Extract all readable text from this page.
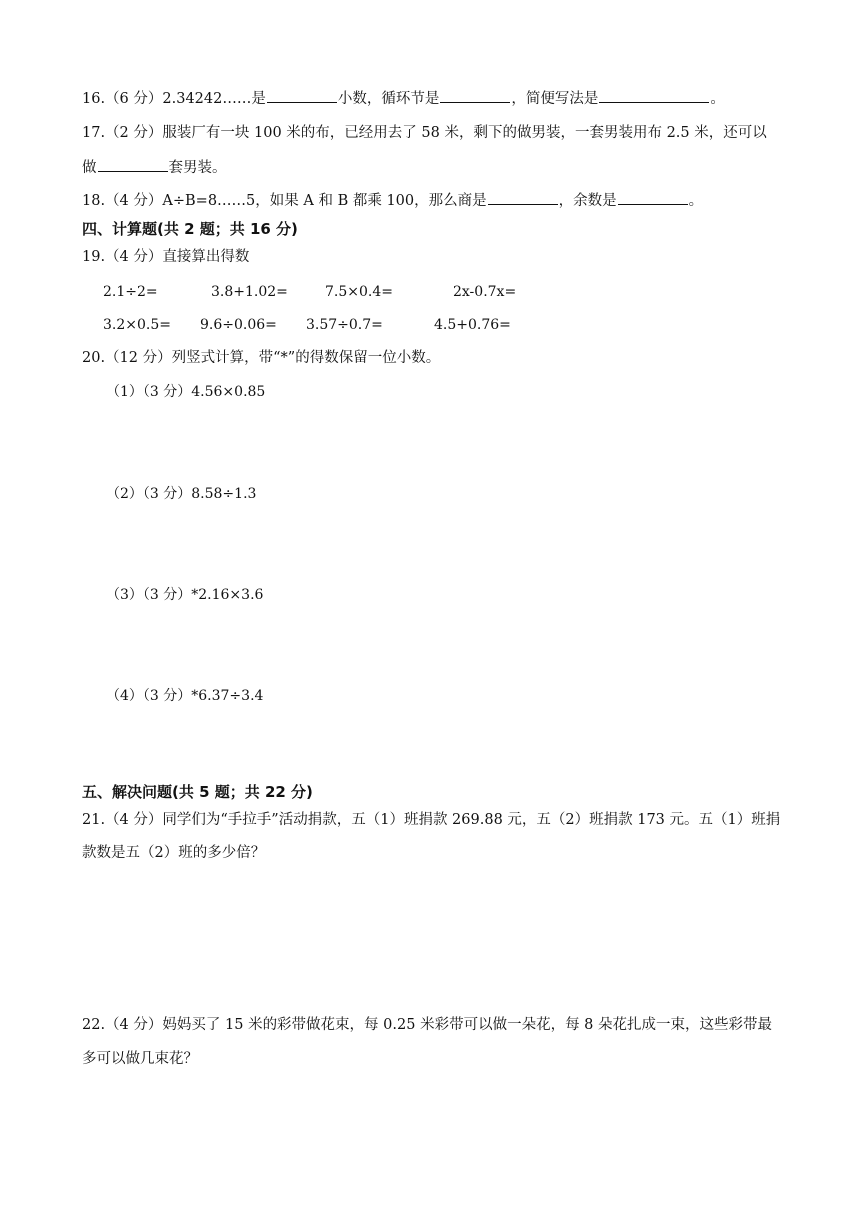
16.（6 分）2.34242……是	小数，循环节是	，简便写法是	。
17.（2 分）服装厂有一块 100 米的布，已经用去了 58 米，剩下的做男装，一套男装用布 2.5 米，还可以
做	套男装。
18.（4 分）A÷B=8……5，如果 A 和 B 都乘 100，那么商是	，余数是	。
四、计算题(共 2 题；共 16 分)
19.（4 分）直接算出得数
2.1÷2=	3.8+1.02=	7.5×0.4=	2x-0.7x=
3.2×0.5= 9.6÷0.06= 3.57÷0.7=	4.5+0.76=
20.（12 分）列竖式计算，带“*”的得数保留一位小数。
（1）（3 分）4.56×0.85
（2）（3 分）8.58÷1.3
（3）（3 分）*2.16×3.6
（4）（3 分）*6.37÷3.4
五、解决问题(共 5 题；共 22 分)
21.（4 分）同学们为“手拉手”活动捐款，五（1）班捐款 269.88 元，五（2）班捐款 173 元。五（1）班捐
款数是五（2）班的多少倍？
22.（4 分）妈妈买了 15 米的彩带做花束，每 0.25 米彩带可以做一朵花，每 8 朵花扎成一束，这些彩带最
多可以做几束花？
